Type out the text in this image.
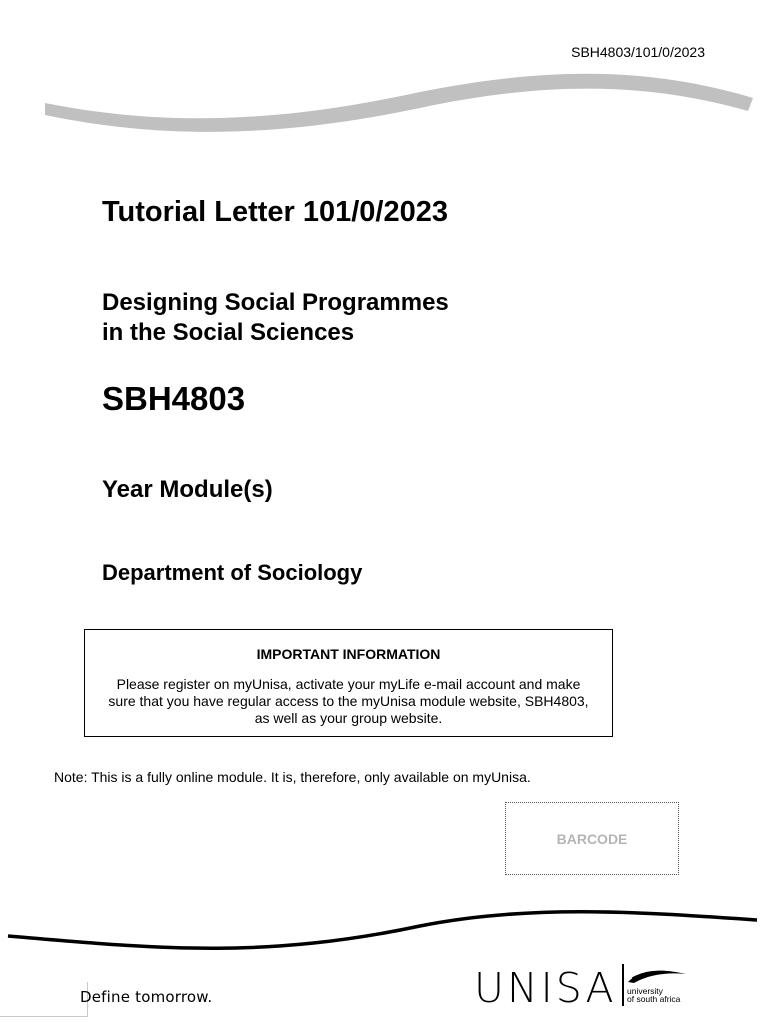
SBH4803/101/0/2023
Tutorial Letter 101/0/2023
Designing Social Programmes
in the Social Sciences
SBH4803
Year Module(s)
Department of Sociology
IMPORTANT INFORMATION
Please register on myUnisa, activate your myLife e-mail account and make sure that you have regular access to the myUnisa module website, SBH4803, as well as your group website.
Note: This is a fully online module. It is, therefore, only available on myUnisa.
BARCODE
Define tomorrow.	UNISA university
of south africa
